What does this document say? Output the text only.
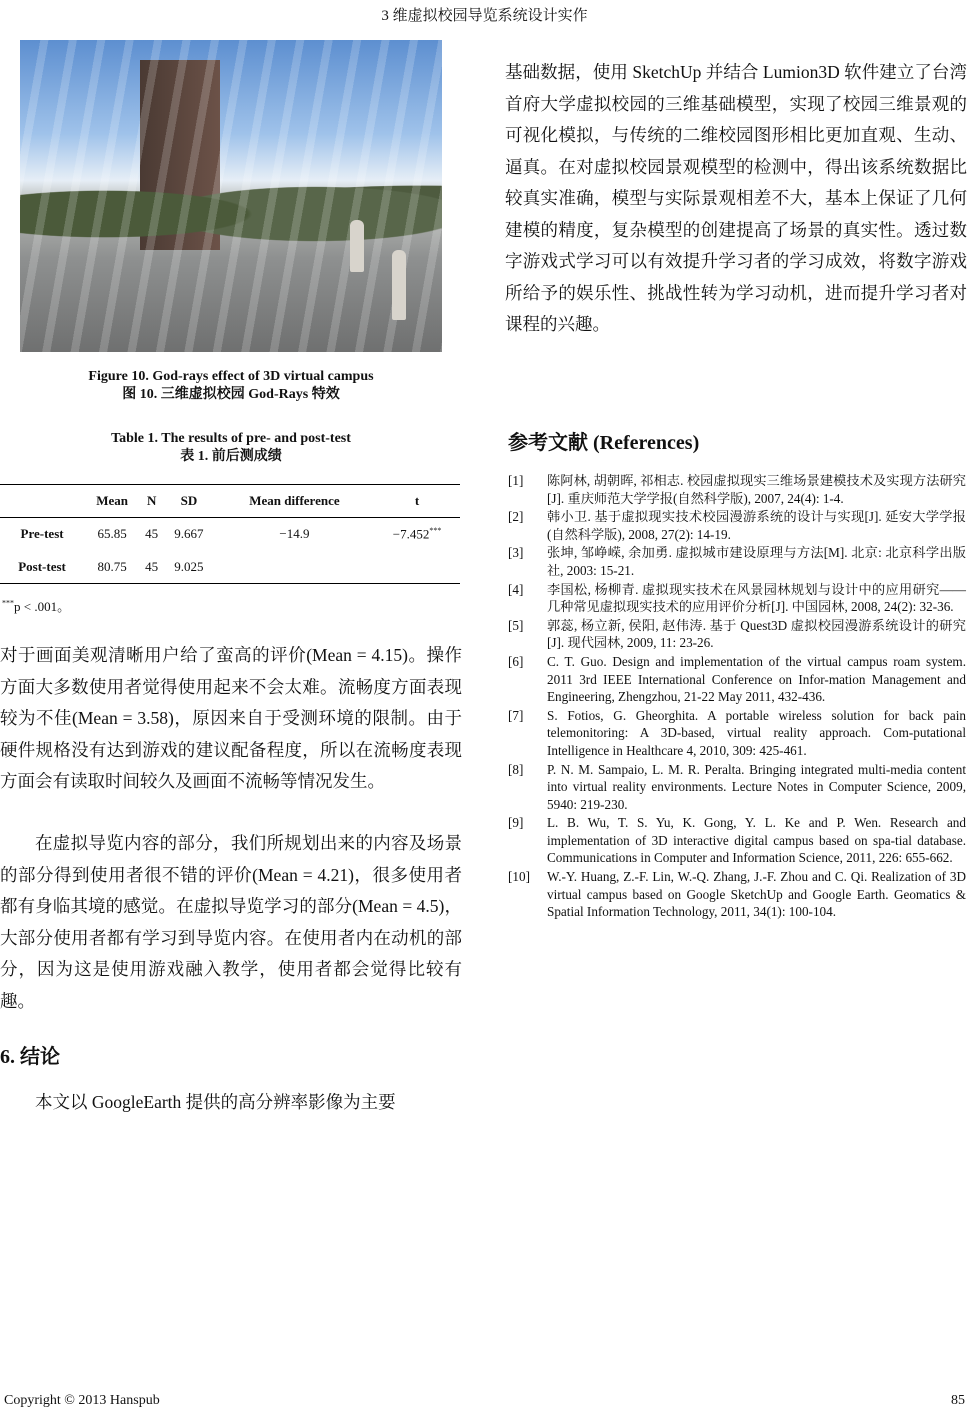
3 维虚拟校园导览系统设计实作
Figure 10. God-rays effect of 3D virtual campus
图 10. 三维虚拟校园 God-Rays 特效
Table 1. The results of pre- and post-test
表 1. 前后测成绩
	Mean	N	SD	Mean difference	t
Pre-test	65.85	45	9.667	−14.9	−7.452***
Post-test	80.75	45	9.025		
***p < .001。
对于画面美观清晰用户给了蛮高的评价(Mean = 4.15)。操作方面大多数使用者觉得使用起来不会太难。流畅度方面表现较为不佳(Mean = 3.58)，原因来自于受测环境的限制。由于硬件规格没有达到游戏的建议配备程度，所以在流畅度表现方面会有读取时间较久及画面不流畅等情况发生。
在虚拟导览内容的部分，我们所规划出来的内容及场景的部分得到使用者很不错的评价(Mean = 4.21)，很多使用者都有身临其境的感觉。在虚拟导览学习的部分(Mean = 4.5)，大部分使用者都有学习到导览内容。在使用者内在动机的部分，因为这是使用游戏融入教学，使用者都会觉得比较有趣。
6. 结论
本文以 GoogleEarth 提供的高分辨率影像为主要
基础数据，使用 SketchUp 并结合 Lumion3D 软件建立了台湾首府大学虚拟校园的三维基础模型，实现了校园三维景观的可视化模拟，与传统的二维校园图形相比更加直观、生动、逼真。在对虚拟校园景观模型的检测中，得出该系统数据比较真实准确，模型与实际景观相差不大，基本上保证了几何建模的精度，复杂模型的创建提高了场景的真实性。透过数字游戏式学习可以有效提升学习者的学习成效，将数字游戏所给予的娱乐性、挑战性转为学习动机，进而提升学习者对课程的兴趣。
参考文献 (References)
[1]	陈阿林, 胡朝晖, 祁相志. 校园虚拟现实三维场景建模技术及实现方法研究[J]. 重庆师范大学学报(自然科学版), 2007, 24(4): 1-4.
[2]	韩小卫. 基于虚拟现实技术校园漫游系统的设计与实现[J]. 延安大学学报(自然科学版), 2008, 27(2): 14-19.
[3]	张坤, 邹峥嵘, 余加勇. 虚拟城市建设原理与方法[M]. 北京: 北京科学出版社, 2003: 15-21.
[4]	李国松, 杨柳青. 虚拟现实技术在风景园林规划与设计中的应用研究——几种常见虚拟现实技术的应用评价分析[J]. 中国园林, 2008, 24(2): 32-36.
[5]	郭蕊, 杨立新, 侯阳, 赵伟涛. 基于 Quest3D 虚拟校园漫游系统设计的研究[J]. 现代园林, 2009, 11: 23-26.
[6]	C. T. Guo. Design and implementation of the virtual campus roam system. 2011 3rd IEEE International Conference on Infor-mation Management and Engineering, Zhengzhou, 21-22 May 2011, 432-436.
[7]	S. Fotios, G. Gheorghita. A portable wireless solution for back pain telemonitoring: A 3D-based, virtual reality approach. Com-putational Intelligence in Healthcare 4, 2010, 309: 425-461.
[8]	P. N. M. Sampaio, L. M. R. Peralta. Bringing integrated multi-media content into virtual reality environments. Lecture Notes in Computer Science, 2009, 5940: 219-230.
[9]	L. B. Wu, T. S. Yu, K. Gong, Y. L. Ke and P. Wen. Research and implementation of 3D interactive digital campus based on spa-tial database. Communications in Computer and Information Science, 2011, 226: 655-662.
[10]	W.-Y. Huang, Z.-F. Lin, W.-Q. Zhang, J.-F. Zhou and C. Qi. Realization of 3D virtual campus based on Google SketchUp and Google Earth. Geomatics & Spatial Information Technology, 2011, 34(1): 100-104.
Copyright © 2013 Hanspub	85
